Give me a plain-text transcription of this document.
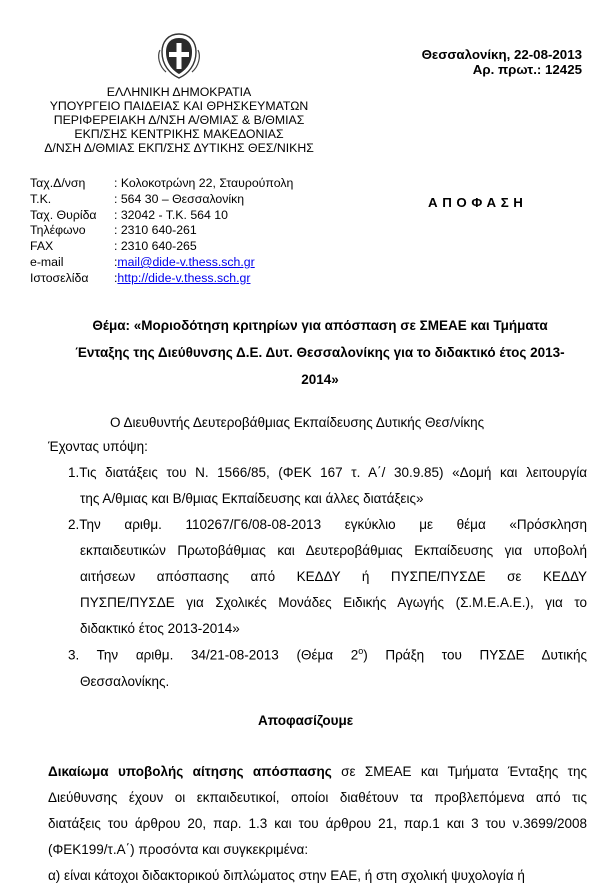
ΕΛΛΗΝΙΚΗ ΔΗΜΟΚΡΑΤΙΑ
ΥΠΟΥΡΓΕΙΟ ΠΑΙΔΕΙΑΣ ΚΑΙ ΘΡΗΣΚΕΥΜΑΤΩΝ
ΠΕΡΙΦΕΡΕΙΑΚΗ Δ/ΝΣΗ Α/ΘΜΙΑΣ & Β/ΘΜΙΑΣ
ΕΚΠ/ΣΗΣ ΚΕΝΤΡΙΚΗΣ ΜΑΚΕΔΟΝΙΑΣ
Δ/ΝΣΗ Δ/ΘΜΙΑΣ ΕΚΠ/ΣΗΣ ΔΥΤΙΚΗΣ ΘΕΣ/ΝΙΚΗΣ
Θεσσαλονίκη, 22-08-2013
Αρ. πρωτ.: 12425
Ταχ.Δ/νση	: Κολοκοτρώνη 22, Σταυρούπολη
Τ.Κ.	: 564 30 – Θεσσαλονίκη
Ταχ. Θυρίδα	: 32042 - Τ.Κ. 564 10
Τηλέφωνο	: 2310 640-261
FAX	: 2310 640-265
e-mail	: mail@dide-v.thess.sch.gr
Ιστοσελίδα	: http://dide-v.thess.sch.gr
ΑΠΟΦΑΣΗ
Θέμα: «Μοριοδότηση κριτηρίων για απόσπαση σε ΣΜΕΑΕ και Τμήματα
Ένταξης της Διεύθυνσης Δ.Ε. Δυτ. Θεσσαλονίκης για το διδακτικό έτος 2013-
2014»
Ο Διευθυντής Δευτεροβάθμιας Εκπαίδευσης Δυτικής Θεσ/νίκης
Έχοντας υπόψη:
1.Τις διατάξεις του Ν. 1566/85, (ΦΕΚ 167 τ. Α΄/ 30.9.85) «Δομή και λειτουργία
της Α/θμιας και Β/θμιας Εκπαίδευσης και άλλες διατάξεις»
2.Την αριθμ. 110267/Γ6/08-08-2013 εγκύκλιο με θέμα «Πρόσκληση
εκπαιδευτικών Πρωτοβάθμιας και Δευτεροβάθμιας Εκπαίδευσης για υποβολή
αιτήσεων απόσπασης από ΚΕΔΔΥ ή ΠΥΣΠΕ/ΠΥΣΔΕ σε ΚΕΔΔΥ
ΠΥΣΠΕ/ΠΥΣΔΕ για Σχολικές Μονάδες Ειδικής Αγωγής (Σ.Μ.Ε.Α.Ε.), για το
διδακτικό έτος 2013-2014»
3. Την αριθμ. 34/21-08-2013 (Θέμα $2^o$) Πράξη του ΠΥΣΔΕ Δυτικής
Θεσσαλονίκης.
Αποφασίζουμε
Δικαίωμα υποβολής αίτησης απόσπασης σε ΣΜΕΑΕ και Τμήματα Ένταξης της
Διεύθυνσης έχουν οι εκπαιδευτικοί, οποίοι διαθέτουν τα προβλεπόμενα από τις
διατάξεις του άρθρου 20, παρ. 1.3 και του άρθρου 21, παρ.1 και 3 του ν.3699/2008
(ΦΕΚ199/τ.Α΄) προσόντα και συγκεκριμένα:
α) είναι κάτοχοι διδακτορικού διπλώματος στην ΕΑΕ, ή στη σχολική ψυχολογία ή
